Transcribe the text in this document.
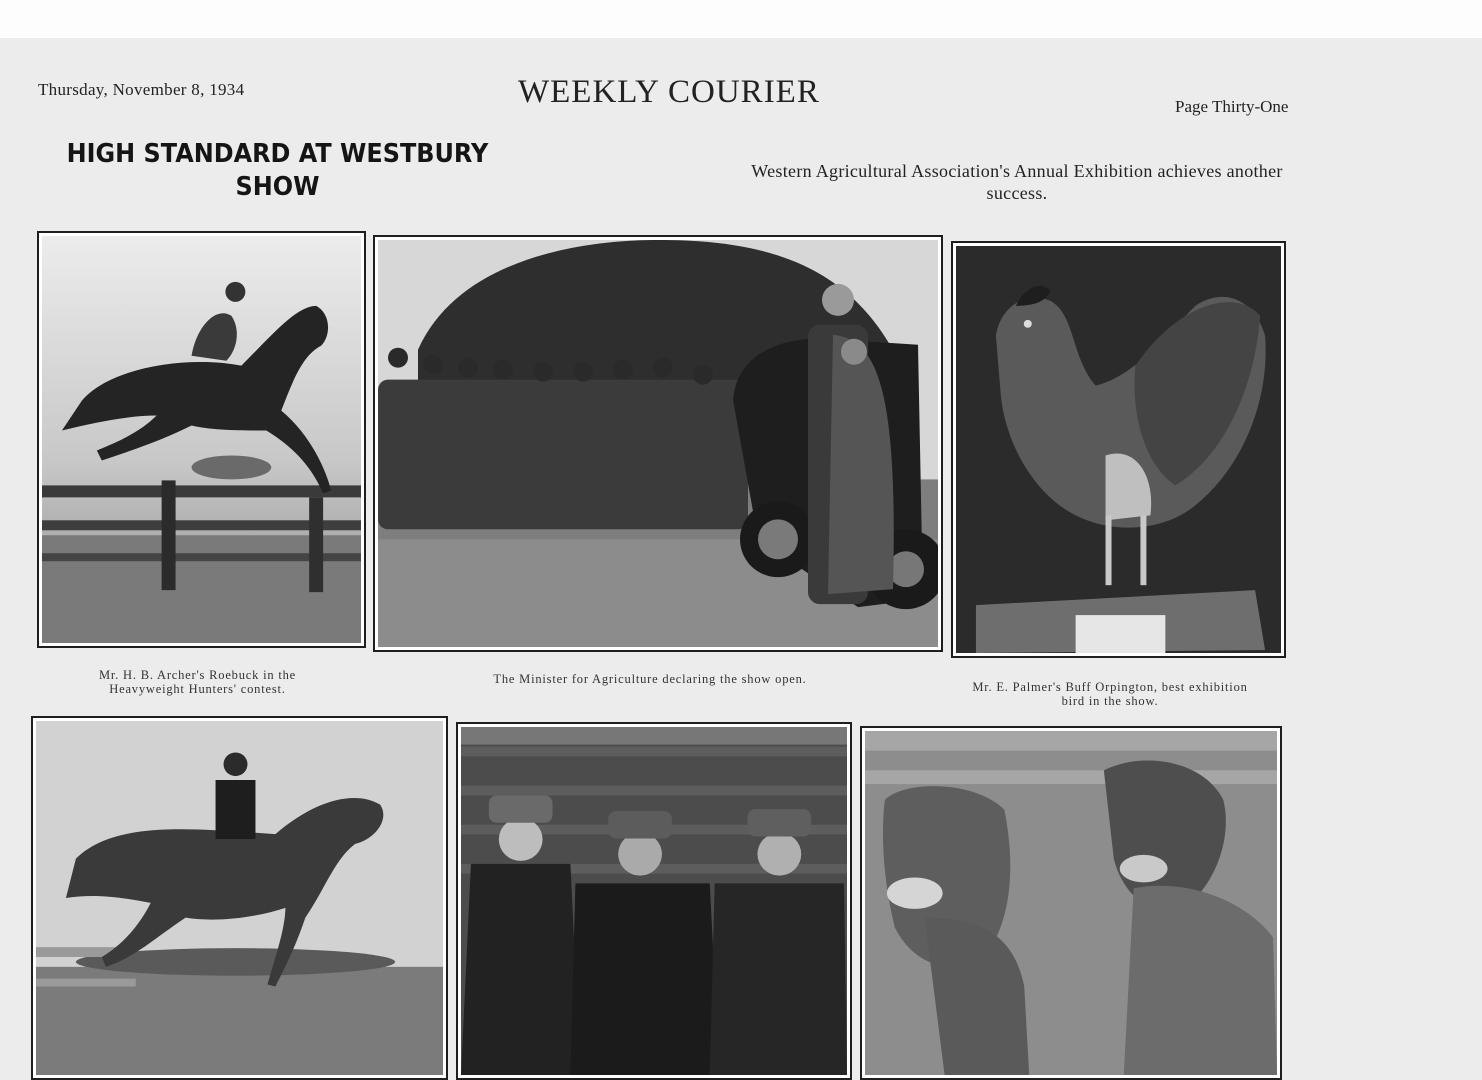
Thursday, November 8, 1934	WEEKLY COURIER	Page Thirty-One
HIGH STANDARD AT WESTBURY
SHOW
Western Agricultural Association's Annual Exhibition achieves another success.
Mr. H. B. Archer's Roebuck in the Heavyweight Hunters' contest.
The Minister for Agriculture declaring the show open.
Mr. E. Palmer's Buff Orpington, best exhibition bird in the show.
